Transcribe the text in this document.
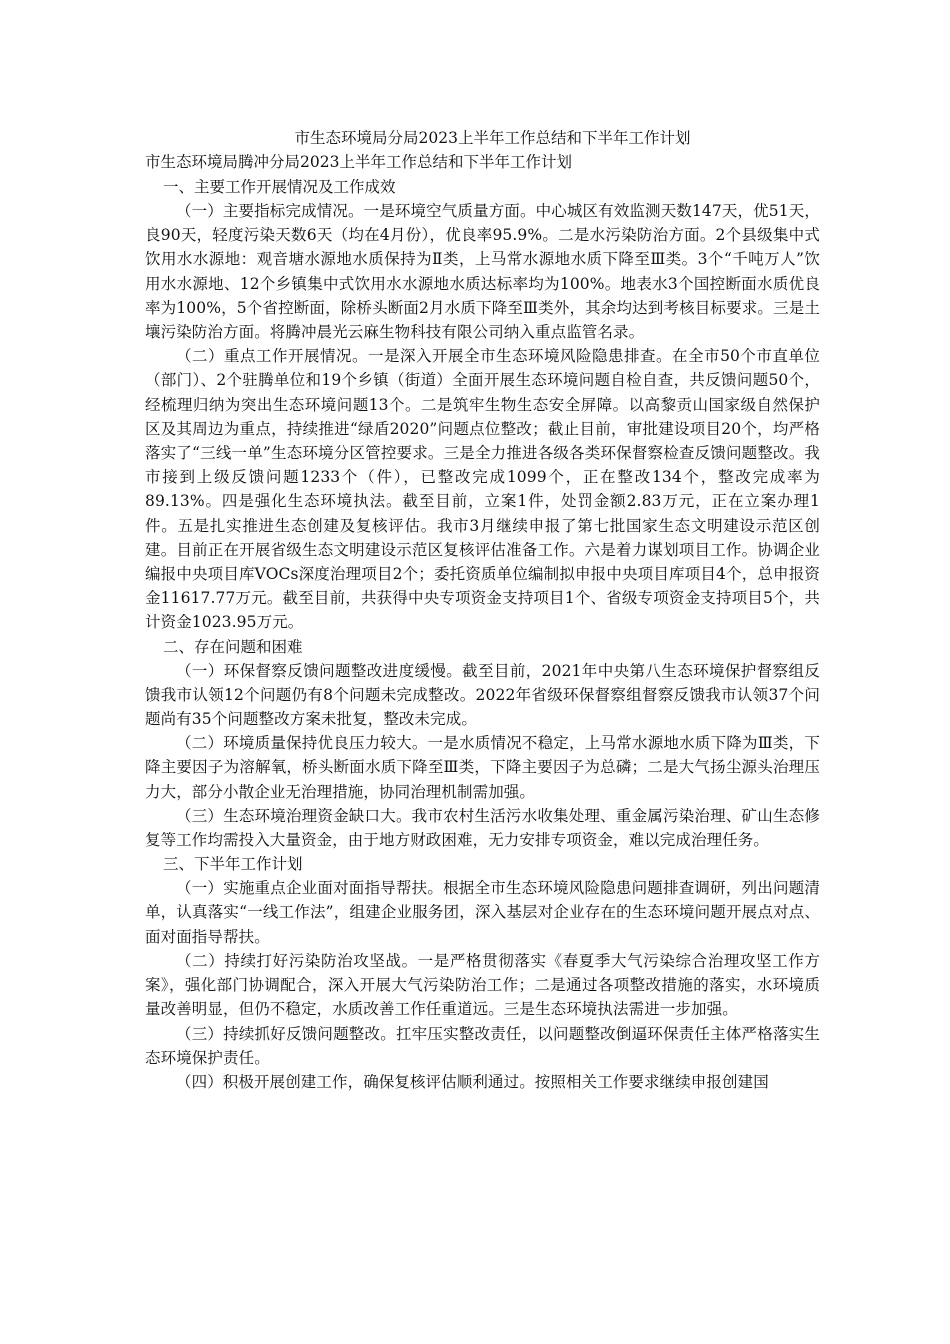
市生态环境局分局2023上半年工作总结和下半年工作计划

市生态环境局腾冲分局2023上半年工作总结和下半年工作计划

一、主要工作开展情况及工作成效

（一）主要指标完成情况。一是环境空气质量方面。中心城区有效监测天数147天，优51天，良90天，轻度污染天数6天（均在4月份），优良率95.9%。二是水污染防治方面。2个县级集中式饮用水水源地：观音塘水源地水质保持为Ⅱ类，上马常水源地水质下降至Ⅲ类。3个“千吨万人”饮用水水源地、12个乡镇集中式饮用水水源地水质达标率均为100%。地表水3个国控断面水质优良率为100%，5个省控断面，除桥头断面2月水质下降至Ⅲ类外，其余均达到考核目标要求。三是土壤污染防治方面。将腾冲晨光云麻生物科技有限公司纳入重点监管名录。

（二）重点工作开展情况。一是深入开展全市生态环境风险隐患排查。在全市50个市直单位（部门）、2个驻腾单位和19个乡镇（街道）全面开展生态环境问题自检自查，共反馈问题50个，经梳理归纳为突出生态环境问题13个。二是筑牢生物生态安全屏障。以高黎贡山国家级自然保护区及其周边为重点，持续推进“绿盾2020”问题点位整改；截止目前，审批建设项目20个，均严格落实了“三线一单”生态环境分区管控要求。三是全力推进各级各类环保督察检查反馈问题整改。我市接到上级反馈问题1233个（件），已整改完成1099个，正在整改134个，整改完成率为89.13%。四是强化生态环境执法。截至目前，立案1件，处罚金额2.83万元，正在立案办理1件。五是扎实推进生态创建及复核评估。我市3月继续申报了第七批国家生态文明建设示范区创建。目前正在开展省级生态文明建设示范区复核评估准备工作。六是着力谋划项目工作。协调企业编报中央项目库VOCs深度治理项目2个；委托资质单位编制拟申报中央项目库项目4个，总申报资金11617.77万元。截至目前，共获得中央专项资金支持项目1个、省级专项资金支持项目5个，共计资金1023.95万元。

二、存在问题和困难

（一）环保督察反馈问题整改进度缓慢。截至目前，2021年中央第八生态环境保护督察组反馈我市认领12个问题仍有8个问题未完成整改。2022年省级环保督察组督察反馈我市认领37个问题尚有35个问题整改方案未批复，整改未完成。

（二）环境质量保持优良压力较大。一是水质情况不稳定，上马常水源地水质下降为Ⅲ类，下降主要因子为溶解氧，桥头断面水质下降至Ⅲ类，下降主要因子为总磷；二是大气扬尘源头治理压力大，部分小散企业无治理措施，协同治理机制需加强。

（三）生态环境治理资金缺口大。我市农村生活污水收集处理、重金属污染治理、矿山生态修复等工作均需投入大量资金，由于地方财政困难，无力安排专项资金，难以完成治理任务。

三、下半年工作计划

（一）实施重点企业面对面指导帮扶。根据全市生态环境风险隐患问题排查调研，列出问题清单，认真落实“一线工作法”，组建企业服务团，深入基层对企业存在的生态环境问题开展点对点、面对面指导帮扶。

（二）持续打好污染防治攻坚战。一是严格贯彻落实《春夏季大气污染综合治理攻坚工作方案》，强化部门协调配合，深入开展大气污染防治工作；二是通过各项整改措施的落实，水环境质量改善明显，但仍不稳定，水质改善工作任重道远。三是生态环境执法需进一步加强。

（三）持续抓好反馈问题整改。扛牢压实整改责任，以问题整改倒逼环保责任主体严格落实生态环境保护责任。

（四）积极开展创建工作，确保复核评估顺利通过。按照相关工作要求继续申报创建国
